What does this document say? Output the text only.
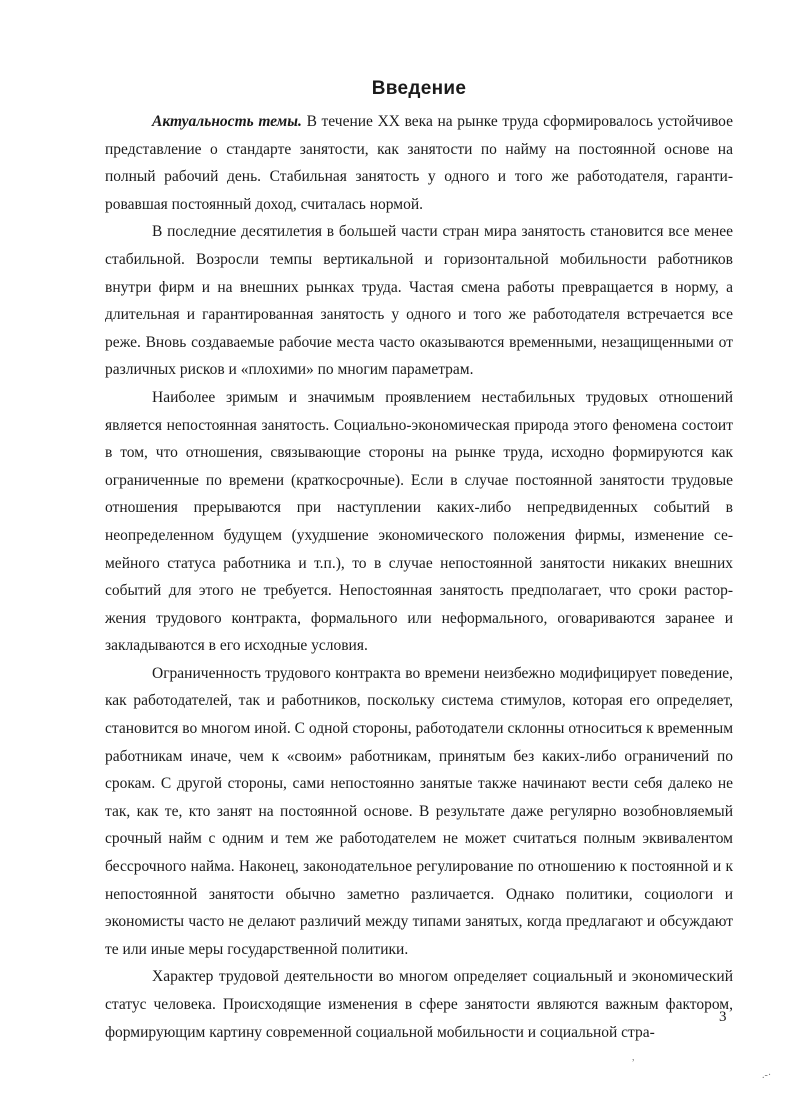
Введение

Актуальность темы. В течение XX века на рынке труда сформировалось устойчивое представление о стандарте занятости, как занятости по найму на постоянной основе на полный рабочий день. Стабильная занятость у одного и того же работодателя, гарантировавшая постоянный доход, считалась нормой.

В последние десятилетия в большей части стран мира занятость становится все менее стабильной. Возросли темпы вертикальной и горизонтальной мобильности работников внутри фирм и на внешних рынках труда. Частая смена работы превращается в норму, а длительная и гарантированная занятость у одного и того же работодателя встречается все реже. Вновь создаваемые рабочие места часто оказываются временными, незащищенными от различных рисков и «плохими» по многим параметрам.

Наиболее зримым и значимым проявлением нестабильных трудовых отношений является непостоянная занятость. Социально-экономическая природа этого феномена состоит в том, что отношения, связывающие стороны на рынке труда, исходно формируются как ограниченные по времени (краткосрочные). Если в случае постоянной занятости трудовые отношения прерываются при наступлении каких-либо непредвиденных событий в неопределенном будущем (ухудшение экономического положения фирмы, изменение семейного статуса работника и т.п.), то в случае непостоянной занятости никаких внешних событий для этого не требуется. Непостоянная занятость предполагает, что сроки расторжения трудового контракта, формального или неформального, оговариваются заранее и закладываются в его исходные условия.

Ограниченность трудового контракта во времени неизбежно модифицирует поведение, как работодателей, так и работников, поскольку система стимулов, которая его определяет, становится во многом иной. С одной стороны, работодатели склонны относиться к временным работникам иначе, чем к «своим» работникам, принятым без каких-либо ограничений по срокам. С другой стороны, сами непостоянно занятые также начинают вести себя далеко не так, как те, кто занят на постоянной основе. В результате даже регулярно возобновляемый срочный найм с одним и тем же работодателем не может считаться полным эквивалентом бессрочного найма. Наконец, законодательное регулирование по отношению к постоянной и к непостоянной занятости обычно заметно различается. Однако политики, социологи и экономисты часто не делают различий между типами занятых, когда предлагают и обсуждают те или иные меры государственной политики.

Характер трудовой деятельности во многом определяет социальный и экономический статус человека. Происходящие изменения в сфере занятости являются важным фактором, формирующим картину современной социальной мобильности и социальной стра-

3
,
.-·
